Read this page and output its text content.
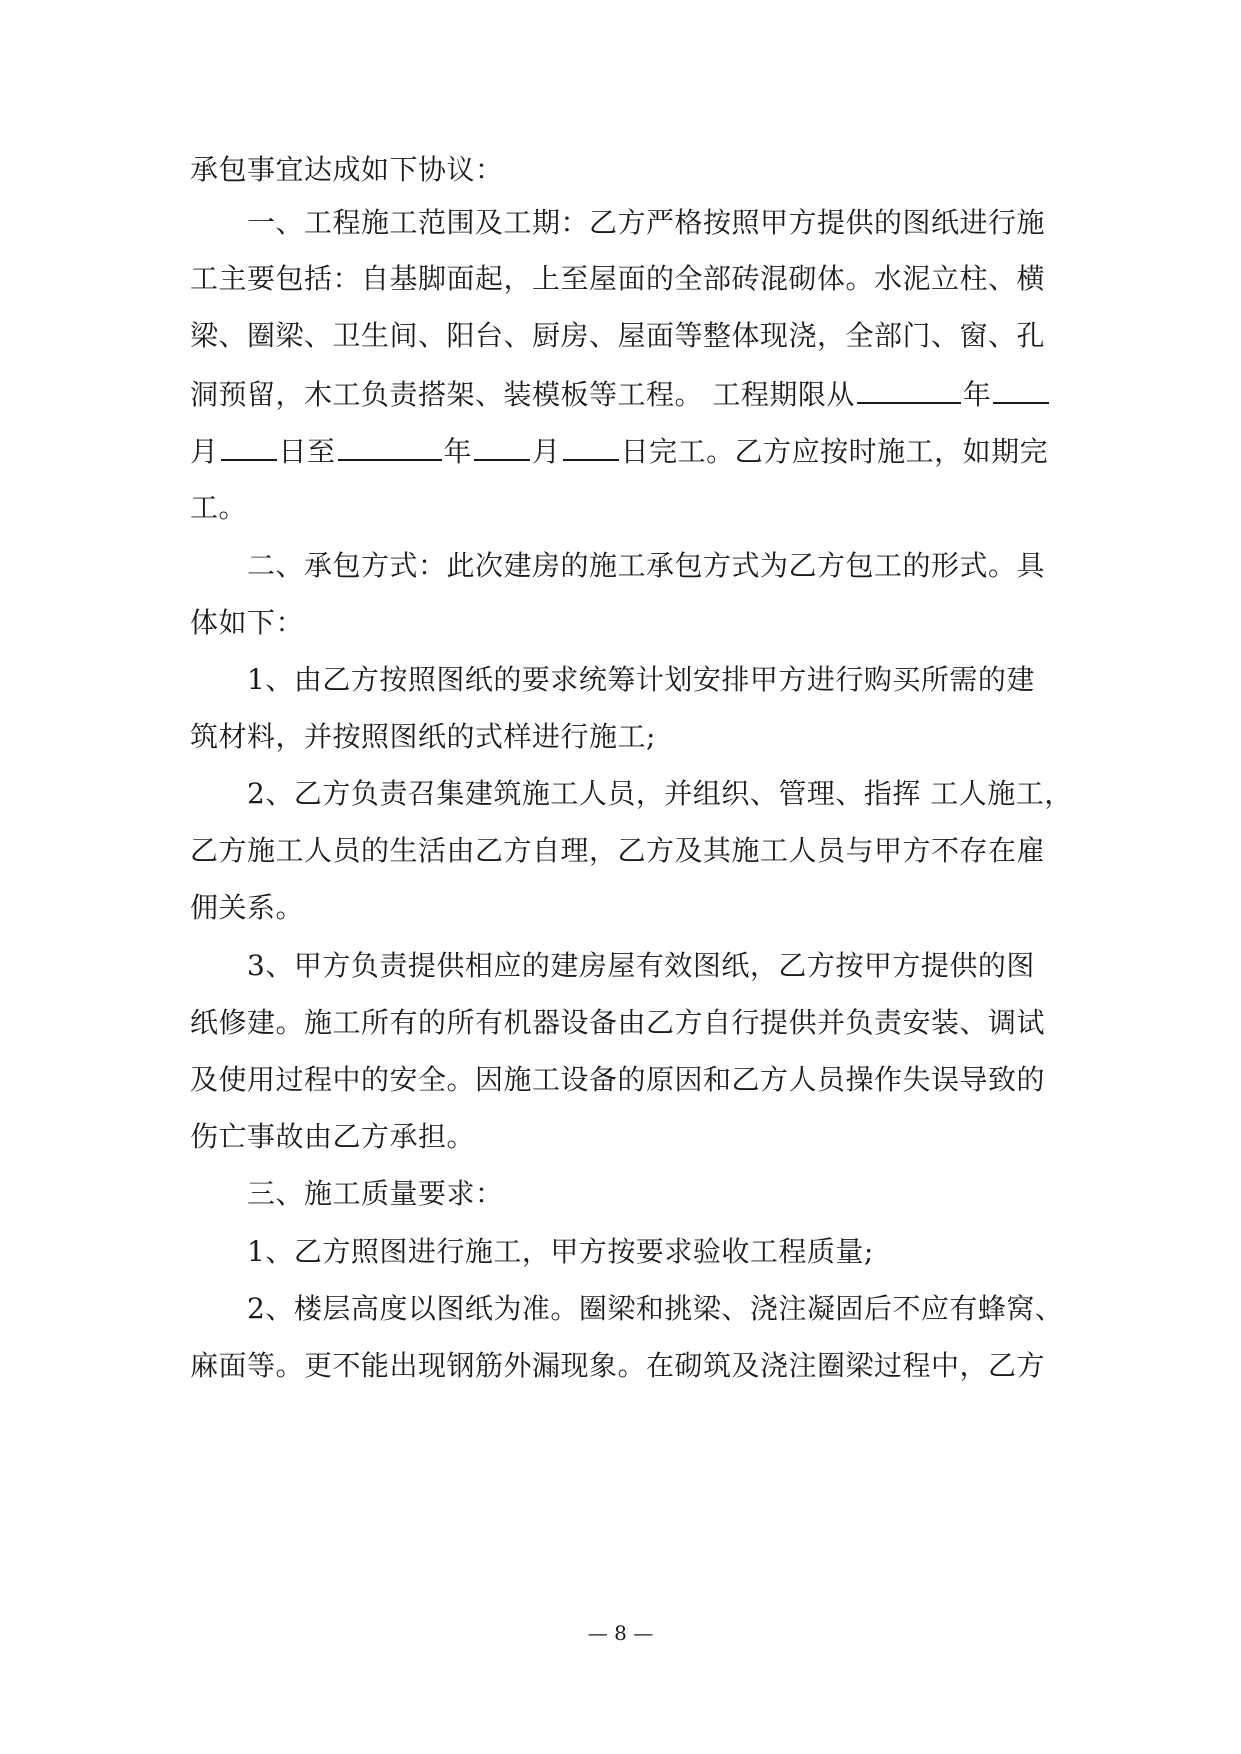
承包事宜达成如下协议：
一、工程施工范围及工期：乙方严格按照甲方提供的图纸进行施
工主要包括：自基脚面起，上至屋面的全部砖混砌体。水泥立柱、横
梁、圈梁、卫生间、阳台、厨房、屋面等整体现浇，全部门、窗、孔
洞预留，木工负责搭架、装模板等工程。 工程期限从	年
月 日至	年 月 日完工。乙方应按时施工，如期完
工。
二、承包方式：此次建房的施工承包方式为乙方包工的形式。具
体如下：
1、由乙方按照图纸的要求统筹计划安排甲方进行购买所需的建
筑材料，并按照图纸的式样进行施工;
2、乙方负责召集建筑施工人员，并组织、管理、指挥 工人施工，
乙方施工人员的生活由乙方自理，乙方及其施工人员与甲方不存在雇
佣关系。
3、甲方负责提供相应的建房屋有效图纸，乙方按甲方提供的图
纸修建。施工所有的所有机器设备由乙方自行提供并负责安装、调试
及使用过程中的安全。因施工设备的原因和乙方人员操作失误导致的
伤亡事故由乙方承担。
三、施工质量要求：
1、乙方照图进行施工，甲方按要求验收工程质量;
2、楼层高度以图纸为准。圈梁和挑梁、浇注凝固后不应有蜂窝、
麻面等。更不能出现钢筋外漏现象。在砌筑及浇注圈梁过程中，乙方
— 8 —
